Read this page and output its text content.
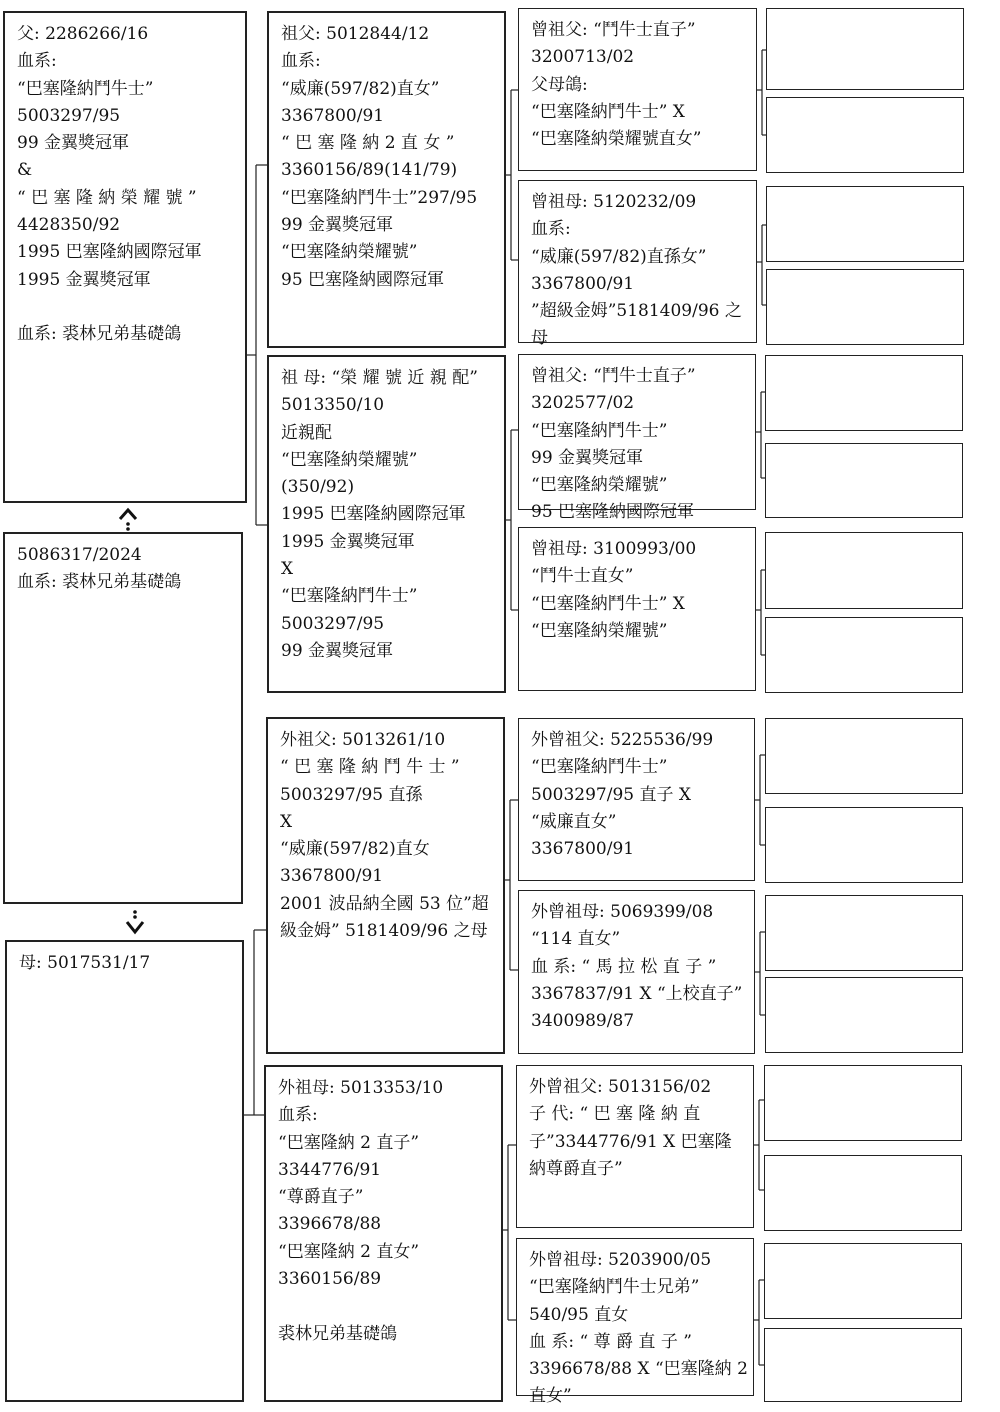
父: 2286266/16
血系:
“巴塞隆納鬥牛士”
5003297/95
99 金翼獎冠軍
&
“ 巴 塞 隆 納 榮 耀 號 ”
4428350/92
1995 巴塞隆納國際冠軍
1995 金翼獎冠軍
血系: 裘林兄弟基礎鴿
5086317/2024
血系: 裘林兄弟基礎鴿
母: 5017531/17
祖父: 5012844/12
血系:
“威廉(597/82)直女”
3367800/91
“ 巴 塞 隆 納 2 直 女 ”
3360156/89(141/79)
“巴塞隆納鬥牛士”297/95
99 金翼獎冠軍
“巴塞隆納榮耀號”
95 巴塞隆納國際冠軍
祖 母: “榮 耀 號 近 親 配”
5013350/10
近親配
“巴塞隆納榮耀號”
(350/92)
1995 巴塞隆納國際冠軍
1995 金翼獎冠軍
X
“巴塞隆納鬥牛士”
5003297/95
99 金翼獎冠軍
外祖父: 5013261/10
“ 巴 塞 隆 納 鬥 牛 士 ”
5003297/95 直孫
X
“威廉(597/82)直女
3367800/91
2001 波品納全國 53 位”超
級金姆” 5181409/96 之母
外祖母: 5013353/10
血系:
“巴塞隆納 2 直子”
3344776/91
“尊爵直子”
3396678/88
“巴塞隆納 2 直女”
3360156/89
裘林兄弟基礎鴿
曾祖父: “鬥牛士直子”
3200713/02
父母鴿:
“巴塞隆納鬥牛士” X
“巴塞隆納榮耀號直女”
曾祖母: 5120232/09
血系:
“威廉(597/82)直孫女”
3367800/91
”超級金姆”5181409/96 之
母
曾祖父: “鬥牛士直子”
3202577/02
“巴塞隆納鬥牛士”
99 金翼獎冠軍
“巴塞隆納榮耀號”
95 巴塞隆納國際冠軍
曾祖母: 3100993/00
“鬥牛士直女”
“巴塞隆納鬥牛士” X
“巴塞隆納榮耀號”
外曾祖父: 5225536/99
“巴塞隆納鬥牛士”
5003297/95 直子 X
“威廉直女”
3367800/91
外曾祖母: 5069399/08
“114 直女”
血 系: “ 馬 拉 松 直 子 ”
3367837/91 X “上校直子”
3400989/87
外曾祖父: 5013156/02
子 代: “ 巴 塞 隆 納 直
子”3344776/91 X 巴塞隆
納尊爵直子”
外曾祖母: 5203900/05
“巴塞隆納鬥牛士兄弟”
540/95 直女
血 系: “ 尊 爵 直 子 ”
3396678/88 X “巴塞隆納 2
直女”
